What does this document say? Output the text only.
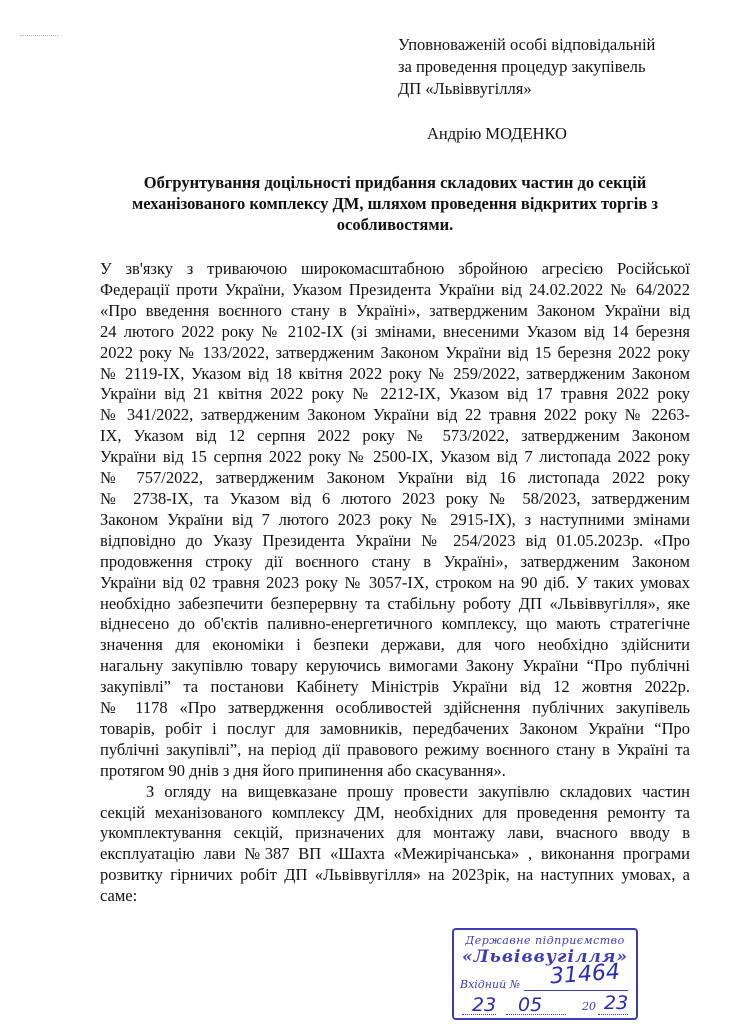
Уповноваженій особі відповідальній
за проведення процедур закупівель
ДП «Львіввугілля»
Андрію МОДЕНКО
Обгрунтування доцільності придбання складових частин до секцій
механізованого комплексу ДМ, шляхом проведення відкритих торгів з
особливостями.
У зв'язку з триваючою широкомасштабною збройною агресією Російської
Федерації проти України, Указом Президента України від 24.02.2022 № 64/2022
«Про введення воєнного стану в Україні», затвердженим Законом України від
24 лютого 2022 року № 2102-IX (зі змінами, внесеними Указом від 14 березня
2022 року № 133/2022, затвердженим Законом України від 15 березня 2022 року
№ 2119-IX, Указом від 18 квітня 2022 року № 259/2022, затвердженим Законом
України від 21 квітня 2022 року № 2212-IX, Указом від 17 травня 2022 року
№ 341/2022, затвердженим Законом України від 22 травня 2022 року № 2263-
IX, Указом від 12 серпня 2022 року № 573/2022, затвердженим Законом
України від 15 серпня 2022 року № 2500-IX, Указом від 7 листопада 2022 року
№ 757/2022, затвердженим Законом України від 16 листопада 2022 року
№ 2738-IX, та Указом від 6 лютого 2023 року № 58/2023, затвердженим
Законом України від 7 лютого 2023 року № 2915-IX), з наступними змінами
відповідно до Указу Президента України № 254/2023 від 01.05.2023р. «Про
продовження строку дії воєнного стану в Україні», затвердженим Законом
України від 02 травня 2023 року № 3057-IX, строком на 90 діб. У таких умовах
необхідно забезпечити безперервну та стабільну роботу ДП «Львіввугілля», яке
віднесено до об'єктів паливно-енергетичного комплексу, що мають стратегічне
значення для економіки і безпеки держави, для чого необхідно здійснити
нагальну закупівлю товару керуючись вимогами Закону України “Про публічні
закупівлі” та постанови Кабінету Міністрів України від 12 жовтня 2022р.
№ 1178 «Про затвердження особливостей здійснення публічних закупівель
товарів, робіт і послуг для замовників, передбачених Законом України “Про
публічні закупівлі”, на період дії правового режиму воєнного стану в Україні та
протягом 90 днів з дня його припинення або скасування».
З огляду на вищевказане прошу провести закупівлю складових частин
секцій механізованого комплексу ДМ, необхідних для проведення ремонту та
укомплектування секцій, призначених для монтажу лави, вчасного вводу в
експлуатацію лави №387 ВП «Шахта «Межирічанська» , виконання програми
розвитку гірничих робіт ДП «Львіввугілля» на 2023рік, на наступних умовах, а
саме:
Державне підприємство
«Львіввугілля»
Вхідний № 31464
23 05	20 23
